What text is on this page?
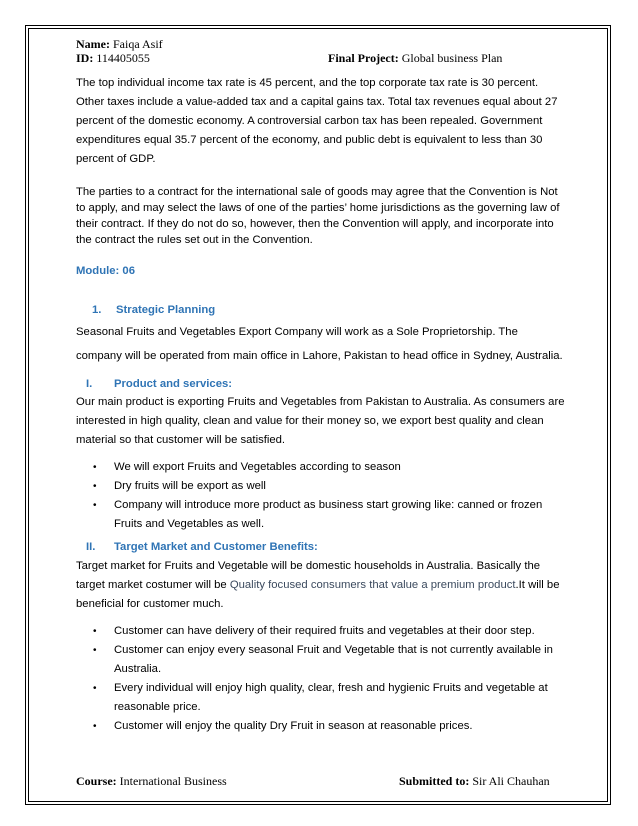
Name: Faiqa Asif
ID: 114405055	Final Project: Global business Plan

The top individual income tax rate is 45 percent, and the top corporate tax rate is 30 percent. Other taxes include a value-added tax and a capital gains tax. Total tax revenues equal about 27 percent of the domestic economy. A controversial carbon tax has been repealed. Government expenditures equal 35.7 percent of the economy, and public debt is equivalent to less than 30 percent of GDP.

The parties to a contract for the international sale of goods may agree that the Convention is Not to apply, and may select the laws of one of the parties’ home jurisdictions as the governing law of their contract. If they do not do so, however, then the Convention will apply, and incorporate into the contract the rules set out in the Convention.

Module: 06
1. Strategic Planning

Seasonal Fruits and Vegetables Export Company will work as a Sole Proprietorship. The company will be operated from main office in Lahore, Pakistan to head office in Sydney, Australia.

I. Product and services:

Our main product is exporting Fruits and Vegetables from Pakistan to Australia. As consumers are interested in high quality, clean and value for their money so, we export best quality and clean material so that customer will be satisfied.

• We will export Fruits and Vegetables according to season
• Dry fruits will be export as well
• Company will introduce more product as business start growing like: canned or frozen Fruits and Vegetables as well.
II. Target Market and Customer Benefits:

Target market for Fruits and Vegetable will be domestic households in Australia. Basically the target market costumer will be Quality focused consumers that value a premium product.It will be beneficial for customer much.

• Customer can have delivery of their required fruits and vegetables at their door step.
• Customer can enjoy every seasonal Fruit and Vegetable that is not currently available in Australia.
• Every individual will enjoy high quality, clear, fresh and hygienic Fruits and vegetable at reasonable price.
• Customer will enjoy the quality Dry Fruit in season at reasonable prices.
Course: International Business	Submitted to: Sir Ali Chauhan
